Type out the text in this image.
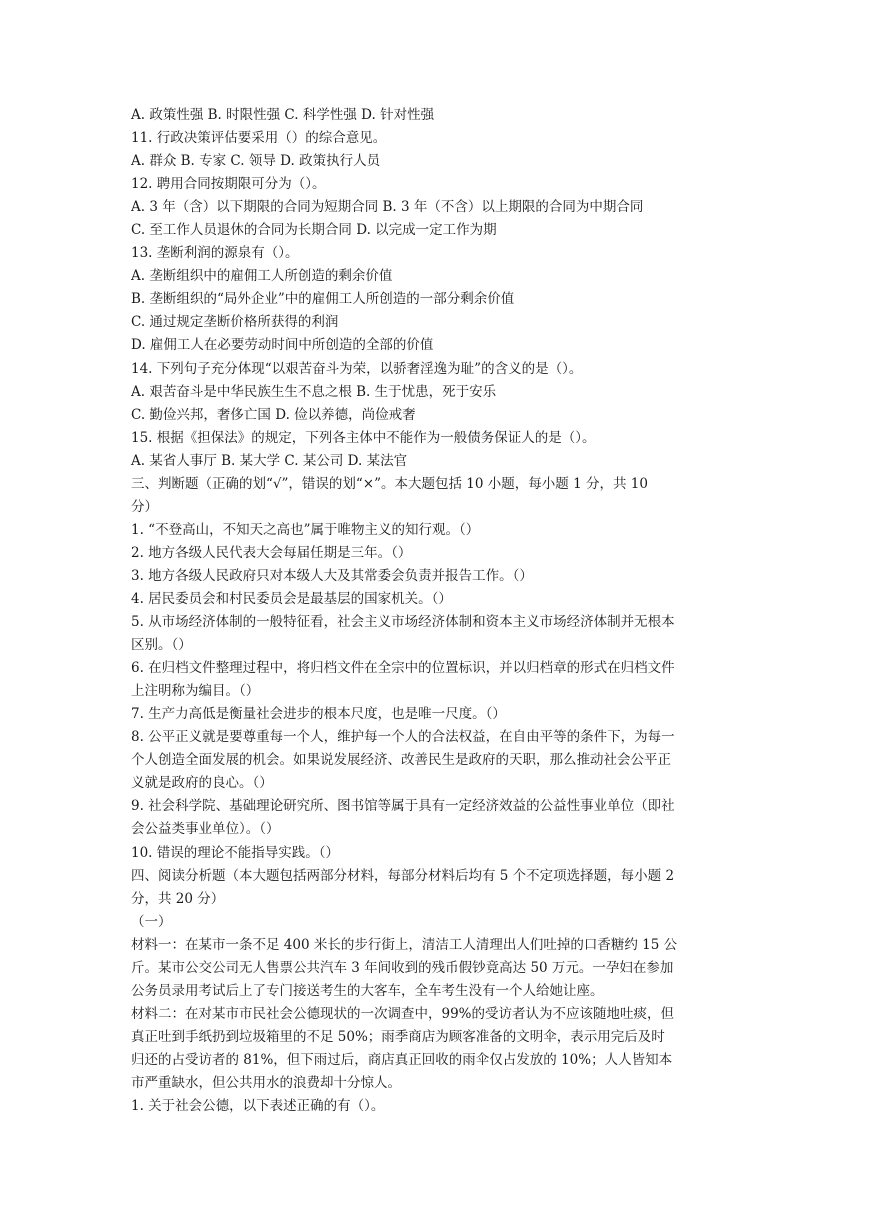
A. 政策性强 B. 时限性强 C. 科学性强 D. 针对性强
11. 行政决策评估要采用（）的综合意见。
A. 群众 B. 专家 C. 领导 D. 政策执行人员
12. 聘用合同按期限可分为（）。
A. 3 年（含）以下期限的合同为短期合同 B. 3 年（不含）以上期限的合同为中期合同
C. 至工作人员退休的合同为长期合同 D. 以完成一定工作为期
13. 垄断利润的源泉有（）。
A. 垄断组织中的雇佣工人所创造的剩余价值
B. 垄断组织的“局外企业”中的雇佣工人所创造的一部分剩余价值
C. 通过规定垄断价格所获得的利润
D. 雇佣工人在必要劳动时间中所创造的全部的价值
14. 下列句子充分体现“以艰苦奋斗为荣，以骄奢淫逸为耻”的含义的是（）。
A. 艰苦奋斗是中华民族生生不息之根 B. 生于忧患，死于安乐
C. 勤俭兴邦，奢侈亡国 D. 俭以养德，尚俭戒奢
15. 根据《担保法》的规定，下列各主体中不能作为一般债务保证人的是（）。
A. 某省人事厅 B. 某大学 C. 某公司 D. 某法官
三、判断题（正确的划“√”，错误的划“×”。本大题包括 10 小题，每小题 1 分，共 10
分）
1. “不登高山，不知天之高也”属于唯物主义的知行观。（）
2. 地方各级人民代表大会每届任期是三年。（）
3. 地方各级人民政府只对本级人大及其常委会负责并报告工作。（）
4. 居民委员会和村民委员会是最基层的国家机关。（）
5. 从市场经济体制的一般特征看，社会主义市场经济体制和资本主义市场经济体制并无根本
区别。（）
6. 在归档文件整理过程中，将归档文件在全宗中的位置标识，并以归档章的形式在归档文件
上注明称为编目。（）
7. 生产力高低是衡量社会进步的根本尺度，也是唯一尺度。（）
8. 公平正义就是要尊重每一个人，维护每一个人的合法权益，在自由平等的条件下，为每一
个人创造全面发展的机会。如果说发展经济、改善民生是政府的天职，那么推动社会公平正
义就是政府的良心。（）
9. 社会科学院、基础理论研究所、图书馆等属于具有一定经济效益的公益性事业单位（即社
会公益类事业单位）。（）
10. 错误的理论不能指导实践。（）
四、阅读分析题（本大题包括两部分材料，每部分材料后均有 5 个不定项选择题，每小题 2
分，共 20 分）
（一）
材料一：在某市一条不足 400 米长的步行街上，清洁工人清理出人们吐掉的口香糖约 15 公
斤。某市公交公司无人售票公共汽车 3 年间收到的残币假钞竟高达 50 万元。一孕妇在参加
公务员录用考试后上了专门接送考生的大客车，全车考生没有一个人给她让座。
材料二：在对某市市民社会公德现状的一次调查中，99%的受访者认为不应该随地吐痰，但
真正吐到手纸扔到垃圾箱里的不足 50%；雨季商店为顾客准备的文明伞，表示用完后及时
归还的占受访者的 81%，但下雨过后，商店真正回收的雨伞仅占发放的 10%；人人皆知本
市严重缺水，但公共用水的浪费却十分惊人。
1. 关于社会公德，以下表述正确的有（）。
